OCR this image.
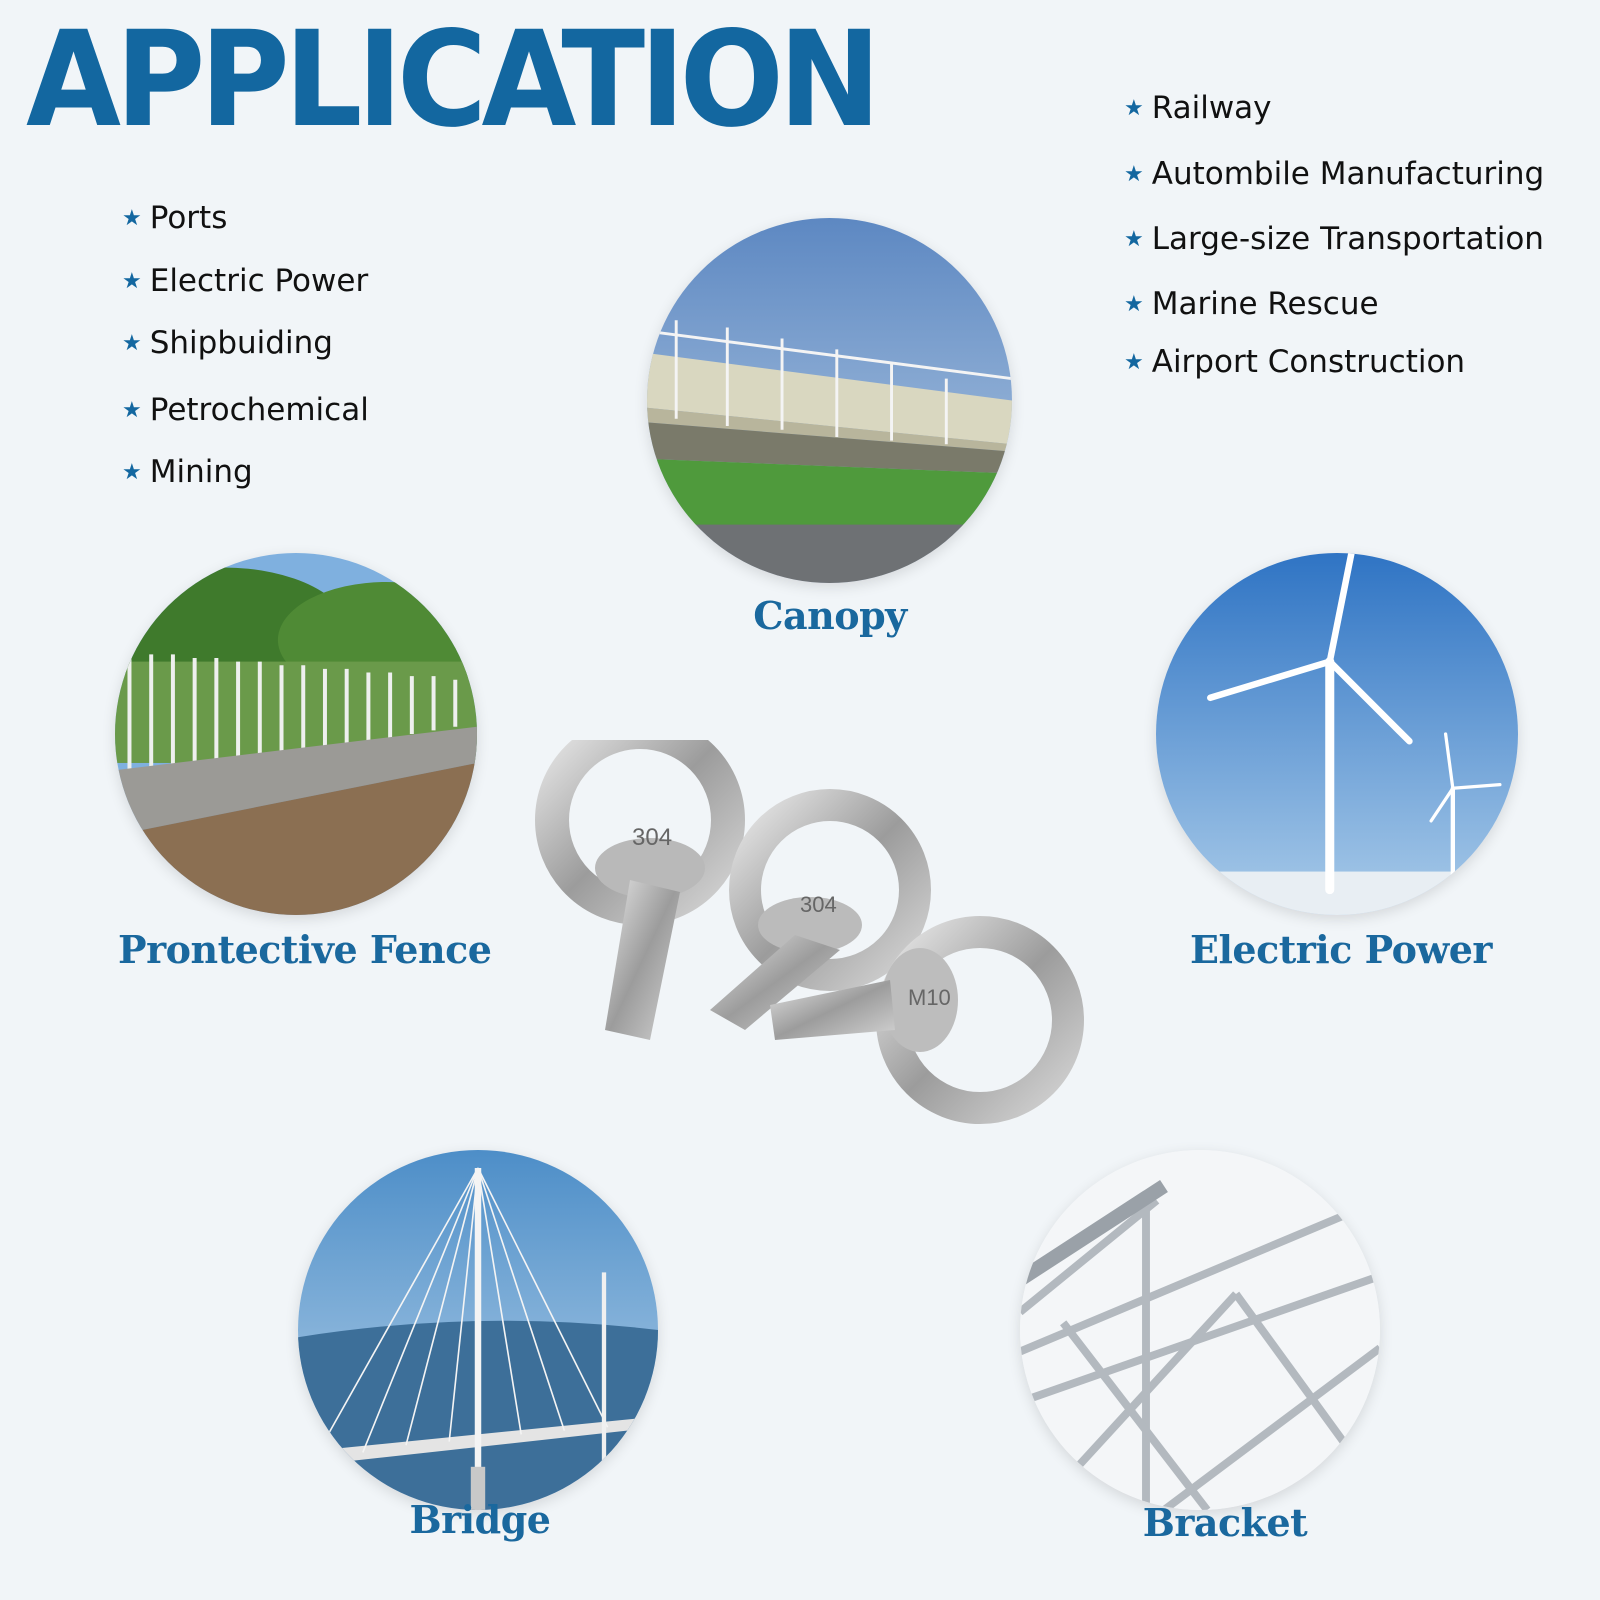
APPLICATION
★ Ports
★ Electric Power
★ Shipbuiding
★ Petrochemical
★ Mining
★ Railway
★ Autombile Manufacturing
★ Large-size Transportation
★ Marine Rescue
★ Airport Construction

Canopy

Prontective Fence	Electric Power

304
304
M10

Bridge	Bracket
